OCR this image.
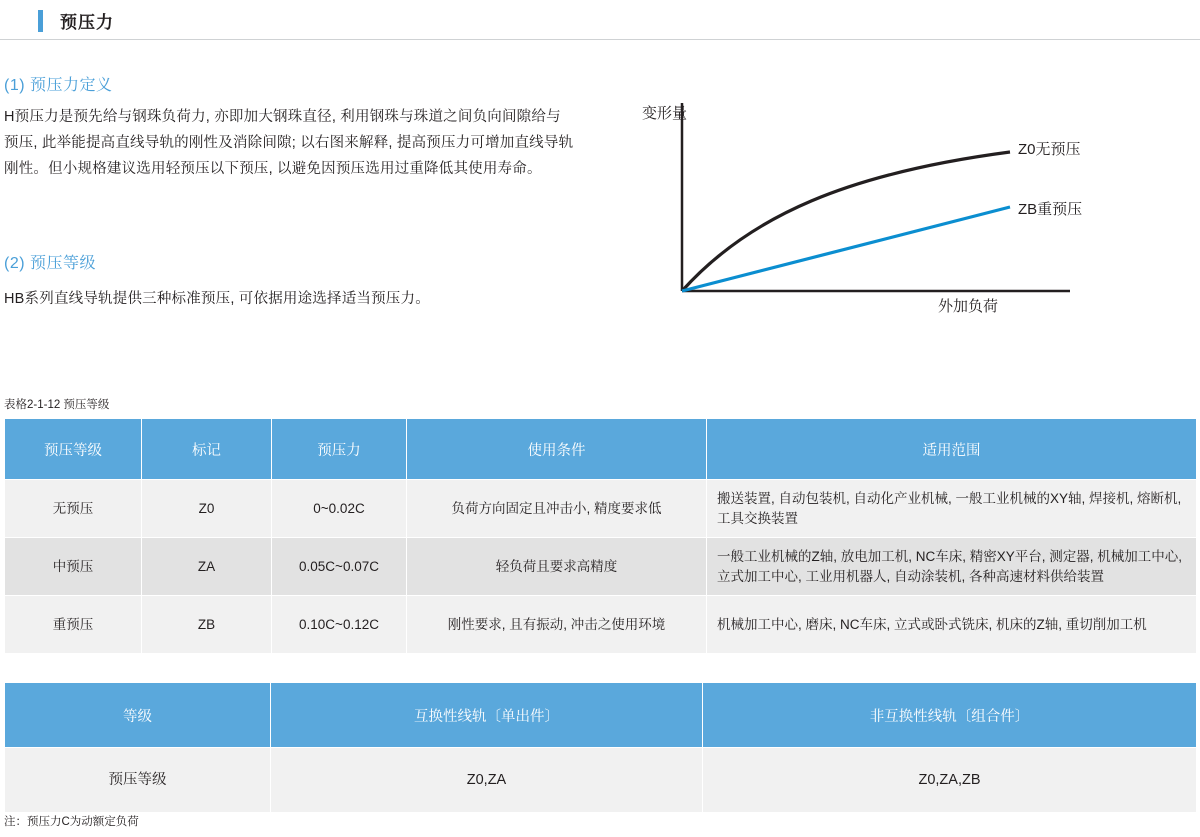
预压力
(1) 预压力定义
H预压力是预先给与钢珠负荷力, 亦即加大钢珠直径, 利用钢珠与珠道之间负向间隙给与预压, 此举能提高直线导轨的刚性及消除间隙; 以右图来解释, 提高预压力可增加直线导轨刚性。但小规格建议选用轻预压以下预压, 以避免因预压选用过重降低其使用寿命。
(2) 预压等级
HB系列直线导轨提供三种标准预压, 可依据用途选择适当预压力。
变形量
外加负荷
Z0无预压
ZB重预压
表格2-1-12 预压等级
预压等级	标记	预压力	使用条件	适用范围
无预压	Z0	0~0.02C	负荷方向固定且冲击小, 精度要求低	搬送装置, 自动包装机, 自动化产业机械, 一般工业机械的XY轴, 焊接机, 熔断机, 工具交换装置
中预压	ZA	0.05C~0.07C	轻负荷且要求高精度	一般工业机械的Z轴, 放电加工机, NC车床, 精密XY平台, 测定器, 机械加工中心, 立式加工中心, 工业用机器人, 自动涂装机, 各种高速材料供给装置
重预压	ZB	0.10C~0.12C	刚性要求, 且有振动, 冲击之使用环境	机械加工中心, 磨床, NC车床, 立式或卧式铣床, 机床的Z轴, 重切削加工机
等级	互换性线轨〔单出件〕	非互换性线轨〔组合件〕
预压等级	Z0,ZA	Z0,ZA,ZB
注：预压力C为动额定负荷
